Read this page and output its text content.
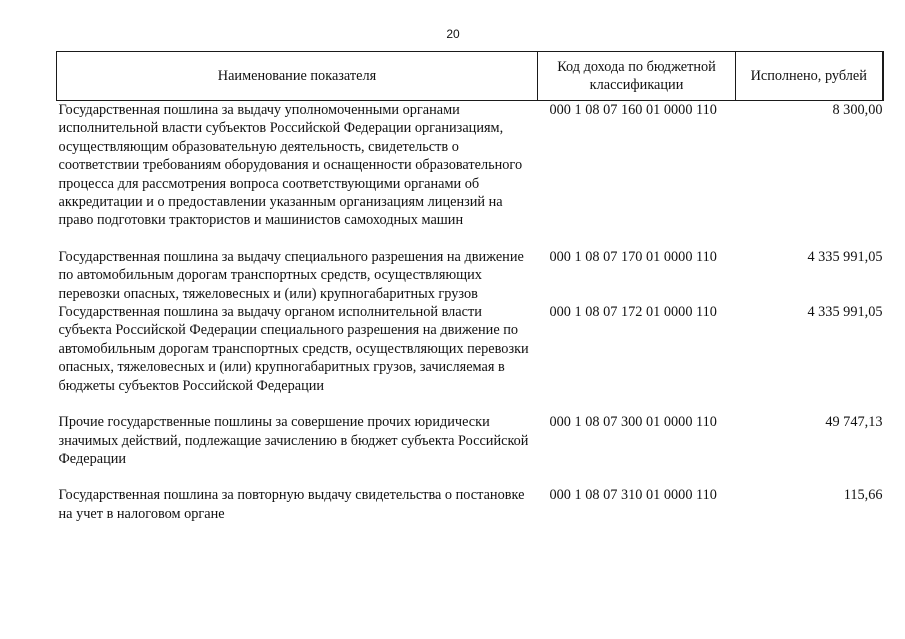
20
Наименование показателя	Код дохода по бюджетной классификации	Исполнено, рублей
Государственная пошлина за выдачу уполномоченными органами исполнительной власти субъектов Российской Федерации организациям, осуществляющим образовательную деятельность, свидетельств о соответствии требованиям оборудования и оснащенности образовательного процесса для рассмотрения вопроса соответствующими органами об аккредитации и о предоставлении указанным организациям лицензий на право подготовки трактористов и машинистов самоходных машин	000 1 08 07 160 01 0000 110	8 300,00
Государственная пошлина за выдачу специального разрешения на движение по автомобильным дорогам транспортных средств, осуществляющих перевозки опасных, тяжеловесных и (или) крупногабаритных грузов	000 1 08 07 170 01 0000 110	4 335 991,05
Государственная пошлина за выдачу органом исполнительной власти субъекта Российской Федерации специального разрешения на движение по автомобильным дорогам транспортных средств, осуществляющих перевозки опасных, тяжеловесных и (или) крупногабаритных грузов, зачисляемая в бюджеты субъектов Российской Федерации	000 1 08 07 172 01 0000 110	4 335 991,05
Прочие государственные пошлины за совершение прочих юридически значимых действий, подлежащие зачислению в бюджет субъекта Российской Федерации	000 1 08 07 300 01 0000 110	49 747,13
Государственная пошлина за повторную выдачу свидетельства о постановке на учет в налоговом органе	000 1 08 07 310 01 0000 110	115,66
